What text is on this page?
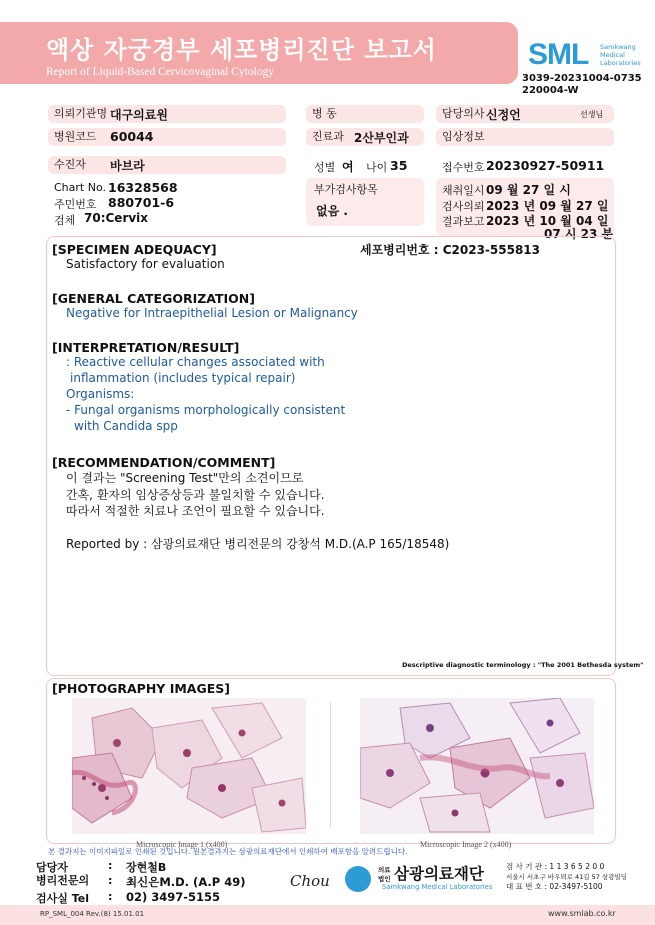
액상 자궁경부 세포병리진단 보고서
Report of Liquid-Based Cervicovaginal Cytology
SML Samkwang
Medical
Laboratories
3039-20231004-0735
220004-W
의뢰기관명 대구의료원	병 동	담당의사 신정언	선생님
병원코드	60044	진료과 2산부인과	임상정보
수진자	바브라	성별 여 나이 35	접수번호 20230927-50911
Chart No. 16328568
주민번호 880701-6
검체 70:Cervix
부가검사항목
없음 .
채취일시 09 월 27 일 시
검사의뢰 2023 년 09 월 27 일
결과보고 2023 년 10 월 04 일
07 시 23 분
[SPECIMEN ADEQUACY]
Satisfactory for evaluation
세포병리번호 : C2023-555813
[GENERAL CATEGORIZATION]
Negative for Intraepithelial Lesion or Malignancy
[INTERPRETATION/RESULT]
: Reactive cellular changes associated with
inflammation (includes typical repair)
Organisms:
- Fungal organisms morphologically consistent
with Candida spp
[RECOMMENDATION/COMMENT]
이 결과는 "Screening Test"만의 소견이므로
간혹, 환자의 임상증상등과 불일치할 수 있습니다.
따라서 적절한 치료나 조언이 필요할 수 있습니다.
Reported by : 삼광의료재단 병리전문의 강창석 M.D.(A.P 165/18548)
Descriptive diagnostic terminology : "The 2001 Bethesda system"
[PHOTOGRAPHY IMAGES]
Microscopic Image 1 (x400)	Microscopic Image 2 (x400)
본 결과지는 이미지파일로 인쇄된 것입니다. 원본결과지는 삼광의료재단에서 인쇄하여 배포함을 알려드립니다.
담당자	: 장현철B
병리전문의 : 최신은M.D. (A.P 49)
검사실 Tel : 02) 3497-5155
Chou
의료
법인 삼광의료재단
Samkwang Medical Laboratories
검 사 기 관 : 1 1 3 6 5 2 0 0
서울시 서초구 바우뫼로 41길 57 삼광빌딩
대 표 번 호 : 02-3497-5100
RP_SML_004 Rev.(8) 15.01.01	www.smlab.co.kr
